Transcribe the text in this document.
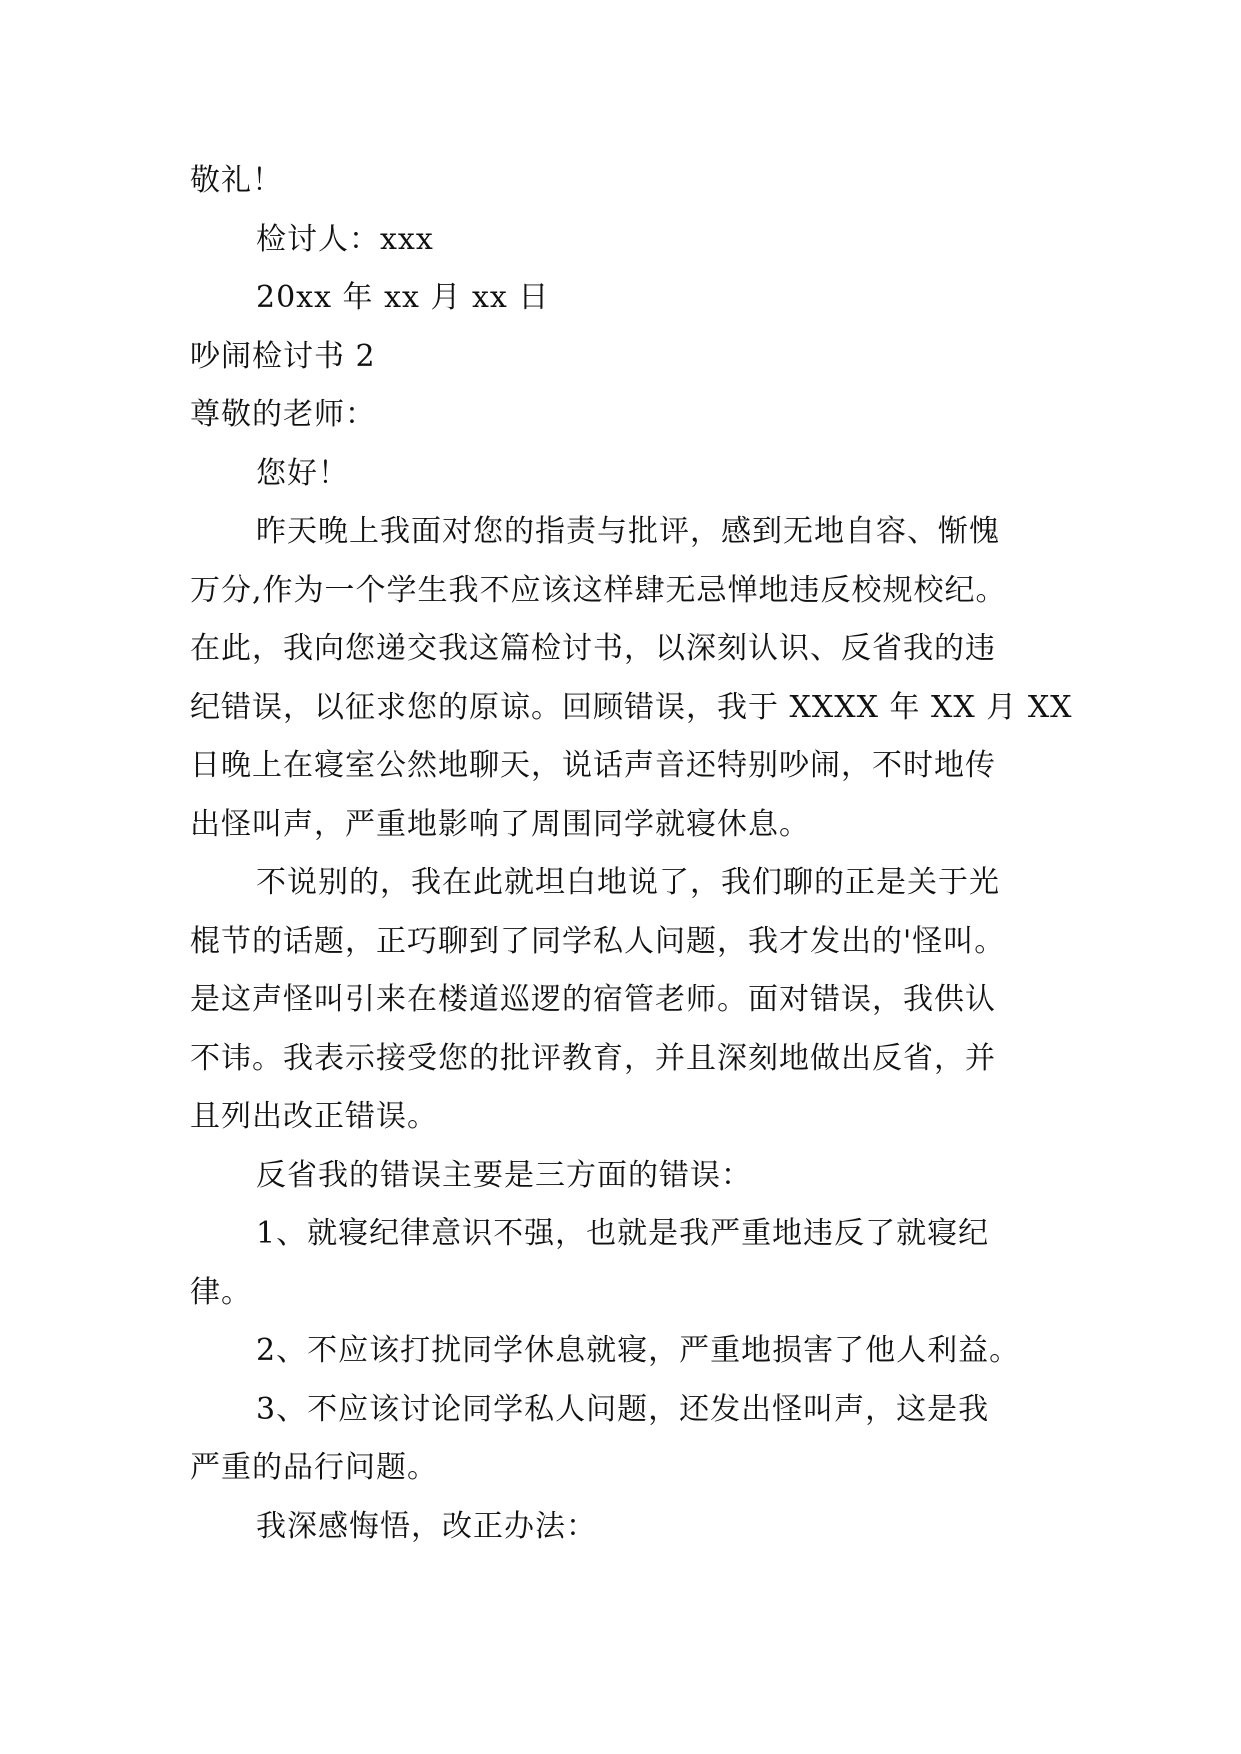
敬礼！
检讨人：xxx
20xx 年 xx 月 xx 日
吵闹检讨书 2
尊敬的老师：
您好！
昨天晚上我面对您的指责与批评，感到无地自容、惭愧
万分,作为一个学生我不应该这样肆无忌惮地违反校规校纪。
在此，我向您递交我这篇检讨书，以深刻认识、反省我的违
纪错误，以征求您的原谅。回顾错误，我于 XXXX 年 XX 月 XX
日晚上在寝室公然地聊天，说话声音还特别吵闹，不时地传
出怪叫声，严重地影响了周围同学就寝休息。
不说别的，我在此就坦白地说了，我们聊的正是关于光
棍节的话题，正巧聊到了同学私人问题，我才发出的'怪叫。
是这声怪叫引来在楼道巡逻的宿管老师。面对错误，我供认
不讳。我表示接受您的批评教育，并且深刻地做出反省，并
且列出改正错误。
反省我的错误主要是三方面的错误：
1、就寝纪律意识不强，也就是我严重地违反了就寝纪
律。
2、不应该打扰同学休息就寝，严重地损害了他人利益。
3、不应该讨论同学私人问题，还发出怪叫声，这是我
严重的品行问题。
我深感悔悟，改正办法：
